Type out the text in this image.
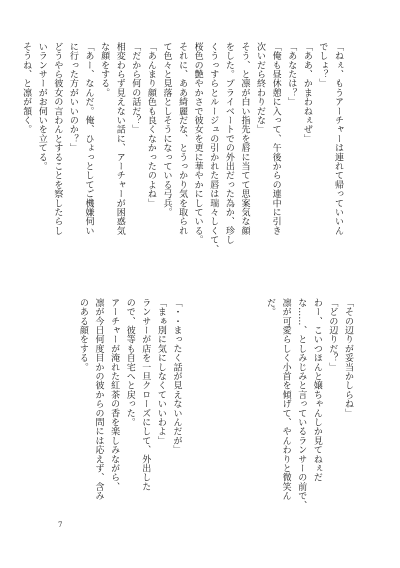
「ねぇ、もうアーチャーは連れて帰っていいん
でしょ？」
「ああ、かまわねぇぜ」
「あなたは？」
「俺も昼休憩に入って、午後からの連中に引き
次いだら終わりだな」
そう、と凛が白い指先を唇に当てて思案気な顔
をした。プライベートでの外出だった為か、珍し
くうっすらとルージュの引かれた唇は瑞々しくて、
桜色の艶やかさで彼女を更に華やかにしている。
それに、ああ綺麗だな、とうっかり気を取られ
て色々と見落としそうになっている弓兵。
「あんまり顔色も良くなかったのよね」
「だから何の話だ？」
相変わらず見えない話に、アーチャーが困惑気
な顔をする。
「あー、なんだ。俺、ひょっとしてご機嫌伺い
に行った方がいいのか？」
どうやら彼女の言わんとすることを察したらし
いランサーがお伺いを立てる。
そうね、と凛が頷く。
「その辺りが妥当かしらね」
「どの辺りだ？」
わー、こいつほんと嬢ちゃんしか見てねぇだ
な……、としみじみと言っているランサーの前で、
凛が可愛らしく小首を傾げて、やんわりと微笑ん
だ。

「・・まったく話が見えないんだが」
「まぁ別に気にしなくていいわよ」
ランサーが店を一旦クローズにして、外出した
ので、彼等も自宅へと戻った。
アーチャーが淹れた紅茶の香を楽しみながら、
凛が今日何度目かの彼からの問には応えず、含み
のある顔をする。
7
